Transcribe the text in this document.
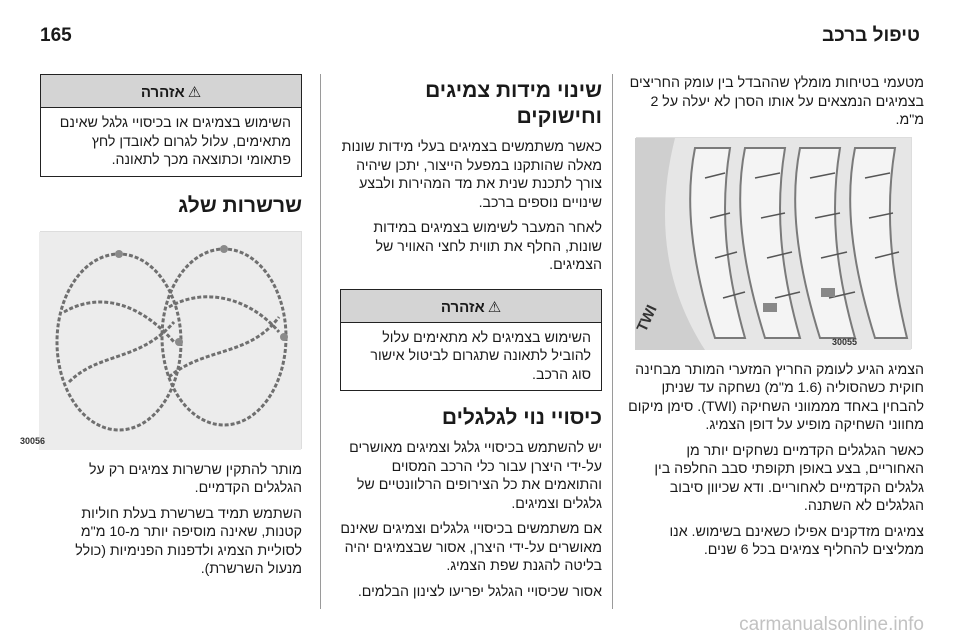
165	טיפול ברכב
מטעמי בטיחות מומלץ שההבדל בין עומק החריצים בצמיגים הנמצאים על אותו הסרן לא יעלה על 2 מ"מ.
TWI
30055
הצמיג הגיע לעומק החריץ המזערי המותר מבחינה חוקית כשהסוליה (1.6 מ"מ) נשחקה עד שניתן להבחין באחד מממווני השחיקה (TWI). סימן מיקום מחווני השחיקה מופיע על דופן הצמיג.
כאשר הגלגלים הקדמיים נשחקים יותר מן האחוריים, בצע באופן תקופתי סבב החלפה בין גלגלים הקדמיים לאחוריים. ודא שכיוון סיבוב הגלגלים לא השתנה.
צמיגים מזדקנים אפילו כשאינם בשימוש. אנו ממליצים להחליף צמיגים בכל 6 שנים.
שינוי מידות צמיגים וחישוקים
כאשר משתמשים בצמיגים בעלי מידות שונות מאלה שהותקנו במפעל הייצור, יתכן שיהיה צורך לתכנת שנית את מד המהירות ולבצע שינויים נוספים ברכב.
לאחר המעבר לשימוש בצמיגים במידות שונות, החלף את תווית לחצי האוויר של הצמיגים.
⚠אזהרה
השימוש בצמיגים לא מתאימים עלול להוביל לתאונה שתגרום לביטול אישור סוג הרכב.
כיסויי נוי לגלגלים
יש להשתמש בכיסויי גלגל וצמיגים מאושרים על-ידי היצרן עבור כלי הרכב המסוים והתואמים את כל הצירופים הרלוונטיים של גלגלים וצמיגים.
אם משתמשים בכיסויי גלגלים וצמיגים שאינם מאושרים על-ידי היצרן, אסור שבצמיגים יהיה בליטה להגנת שפת הצמיג.
אסור שכיסויי הגלגל יפריעו לצינון הבלמים.
⚠אזהרה
השימוש בצמיגים או בכיסויי גלגל שאינם מתאימים, עלול לגרום לאובדן לחץ פתאומי וכתוצאה מכך לתאונה.
שרשרות שלג
30056
מותר להתקין שרשרות צמיגים רק על הגלגלים הקדמיים.
השתמש תמיד בשרשרת בעלת חוליות קטנות, שאינה מוסיפה יותר מ-10 מ"מ לסוליית הצמיג ולדפנות הפנימיות (כולל מנעול השרשרת).
carmanualsonline.info
